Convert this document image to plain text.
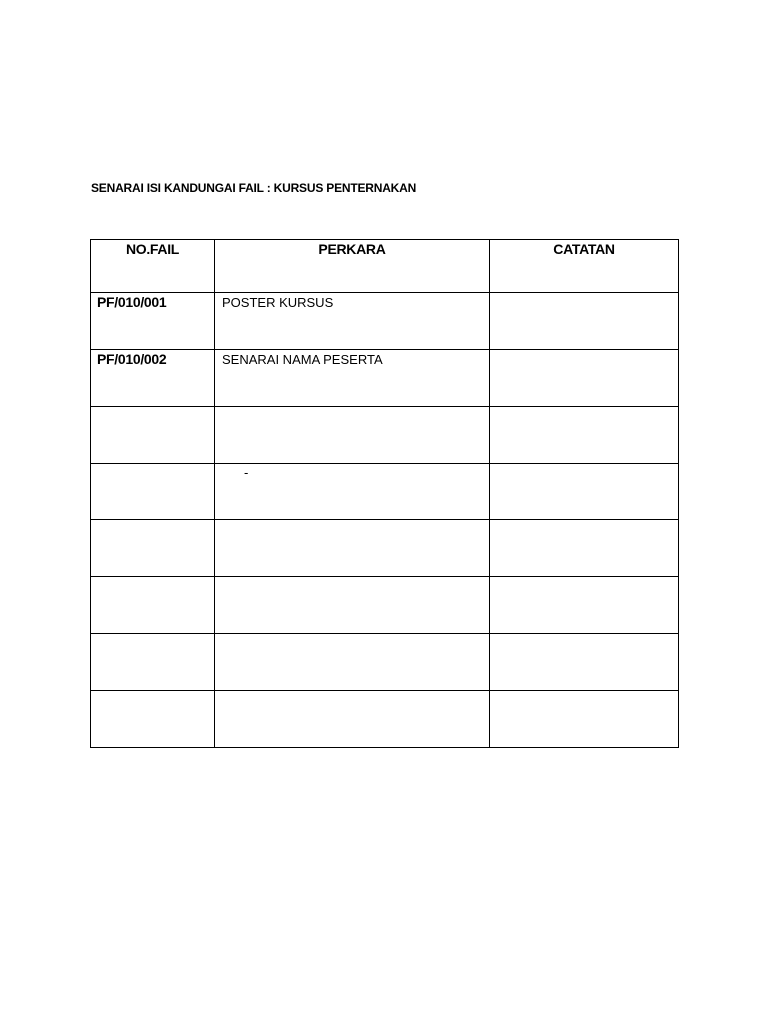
SENARAI ISI KANDUNGAI FAIL : KURSUS PENTERNAKAN
NO.FAIL	PERKARA	CATATAN
PF/010/001	POSTER KURSUS	
PF/010/002	SENARAI NAMA PESERTA	

	-	
